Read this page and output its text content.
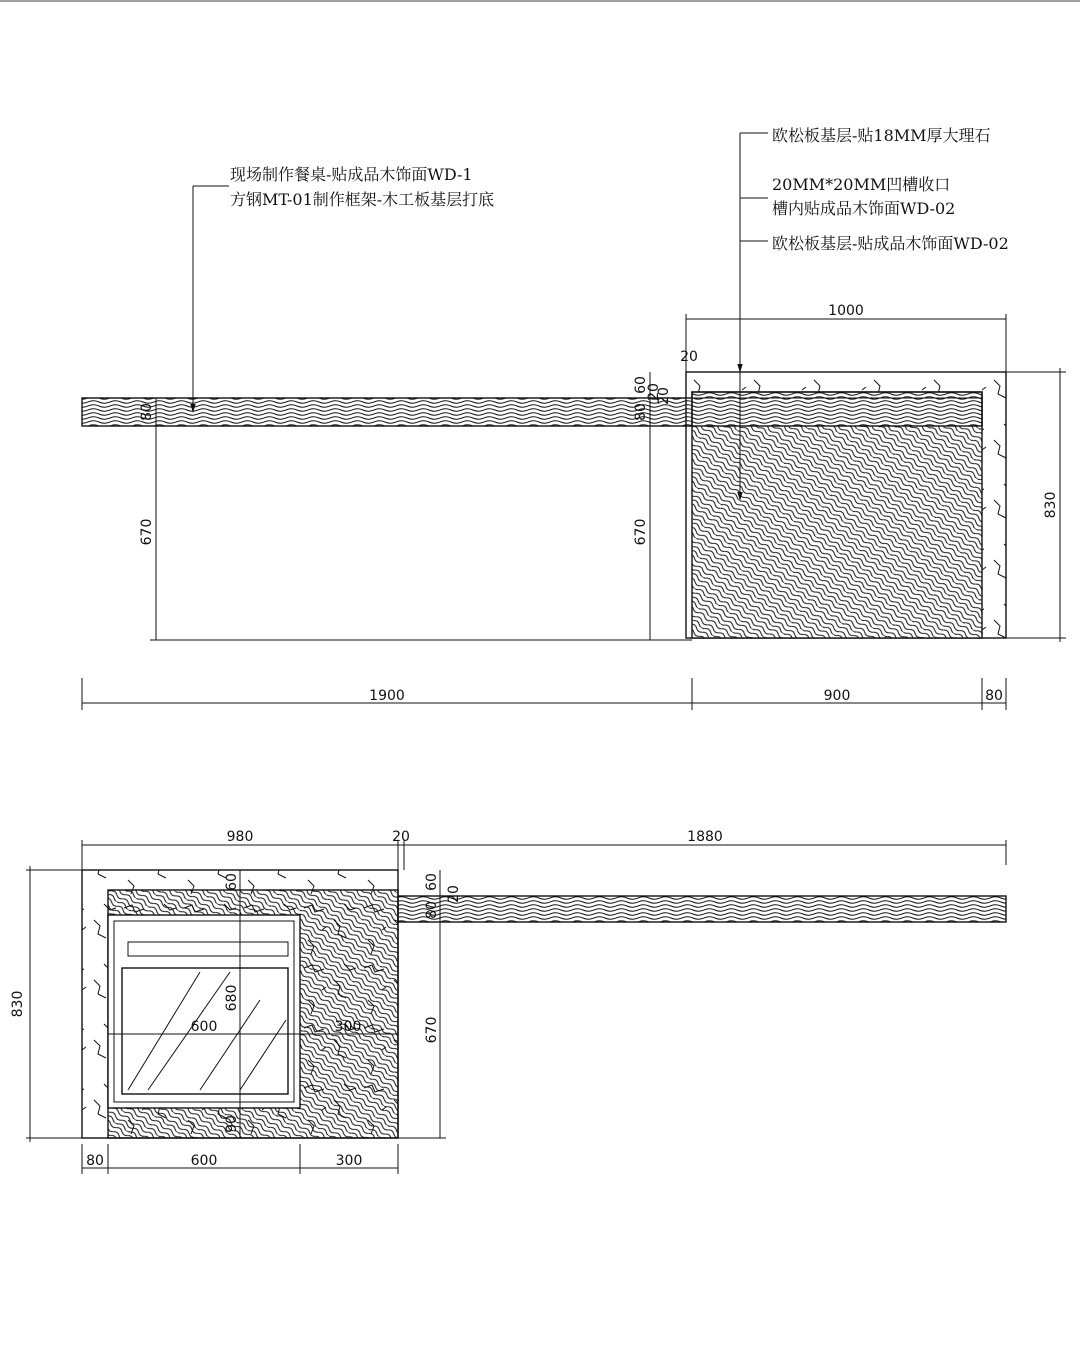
现场制作餐桌-贴成品木饰面WD-1
方钢MT-01制作框架-木工板基层打底
欧松板基层-贴18MM厚大理石
20MM*20MM凹槽收口
槽内贴成品木饰面WD-02
欧松板基层-贴成品木饰面WD-02
1000
20
60
20
20
80
670
80
670
830
1900	900	80
980	20	1880
830
60
680
600	300
90
60
20
80
670
80	600	300
